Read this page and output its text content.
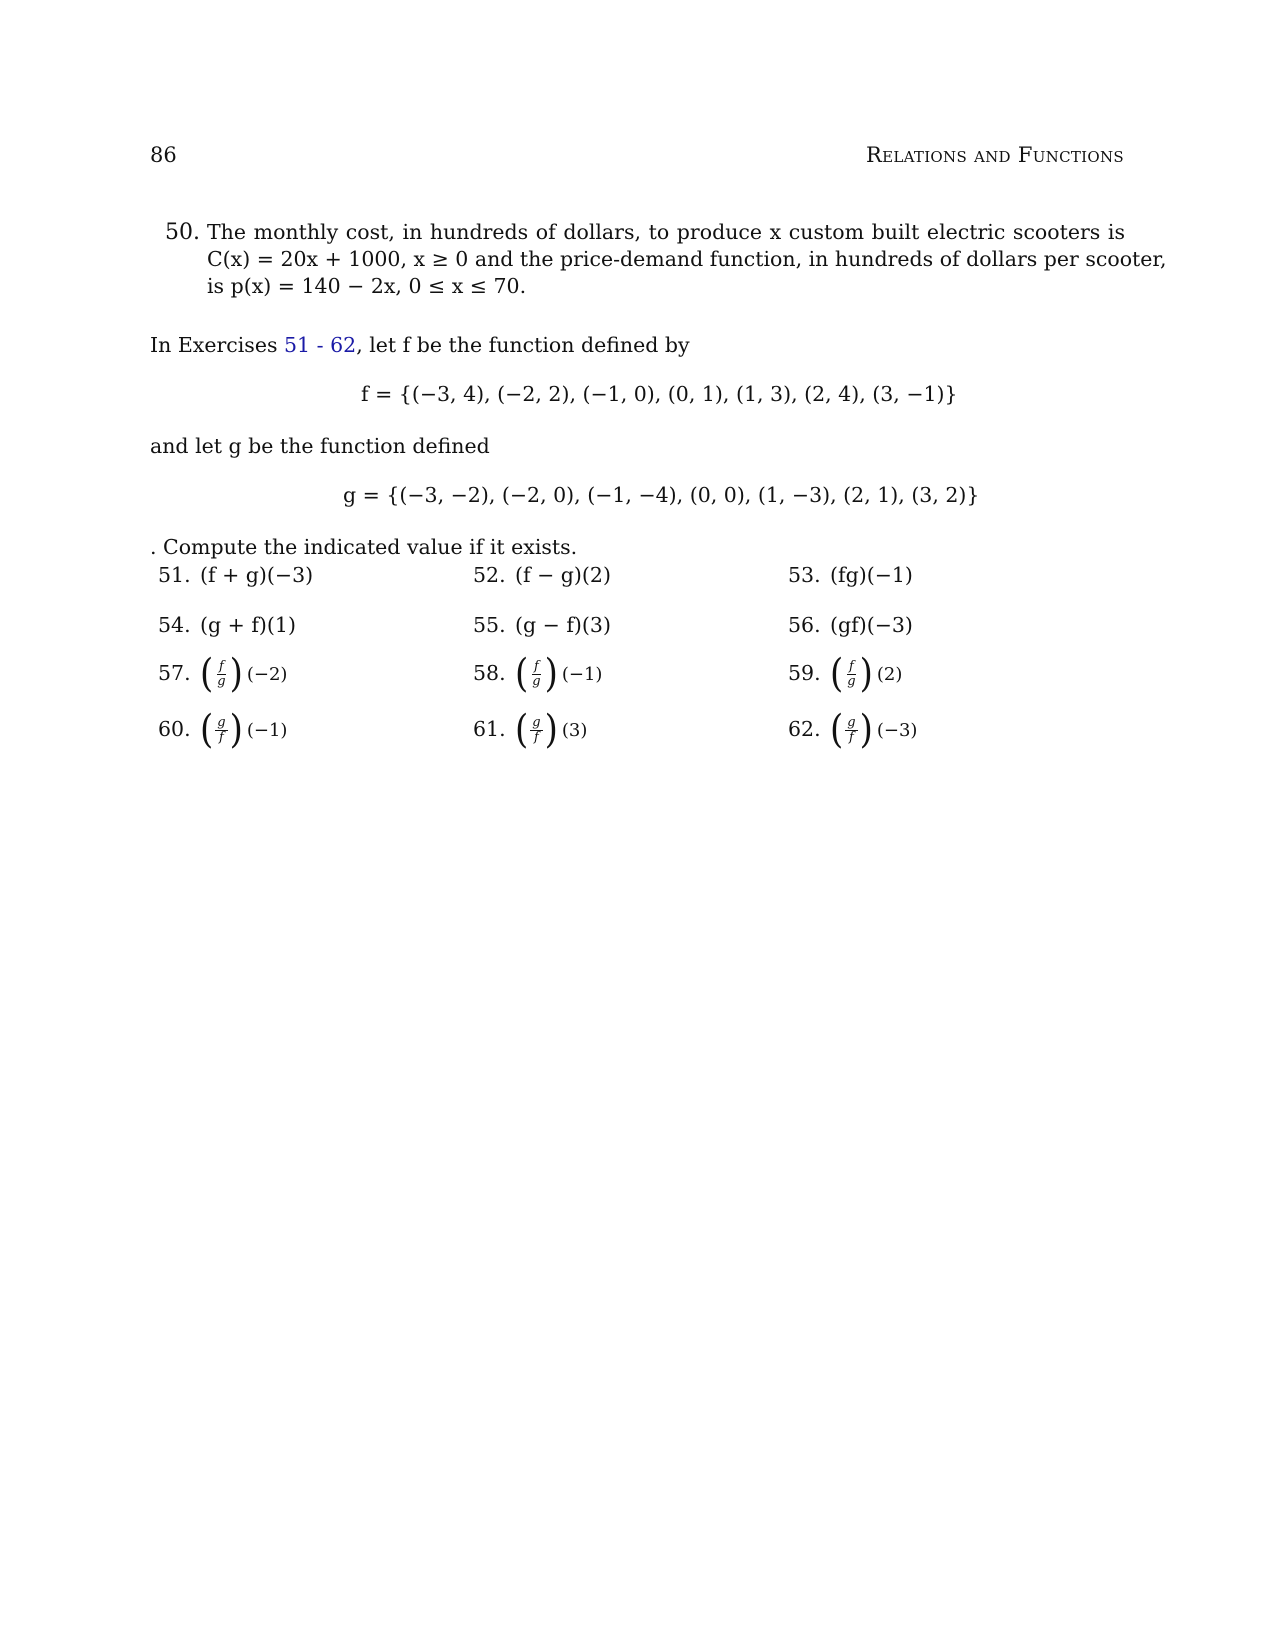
86	Relations and Functions
50. The monthly cost, in hundreds of dollars, to produce x custom built electric scooters is
C(x) = 20x + 1000, x ≥ 0 and the price-demand function, in hundreds of dollars per scooter,
is p(x) = 140 − 2x, 0 ≤ x ≤ 70.
In Exercises 51 - 62, let f be the function defined by
f = {(−3, 4), (−2, 2), (−1, 0), (0, 1), (1, 3), (2, 4), (3, −1)}
and let g be the function defined
g = {(−3, −2), (−2, 0), (−1, −4), (0, 0), (1, −3), (2, 1), (3, 2)}
. Compute the indicated value if it exists.
51. (f + g)(−3)	52. (f − g)(2)	53. (fg)(−1)
54. (g + f)(1)	55. (g − f)(3)	56. (gf)(−3)
57. ( $\frac{f}{g}$ ) (−2)	58. ( $\frac{f}{g}$ ) (−1)	59. ( $\frac{f}{g}$ ) (2)
60. ( $\frac{g}{f}$ ) (−1)	61. ( $\frac{g}{f}$ ) (3)	62. ( $\frac{g}{f}$ ) (−3)
